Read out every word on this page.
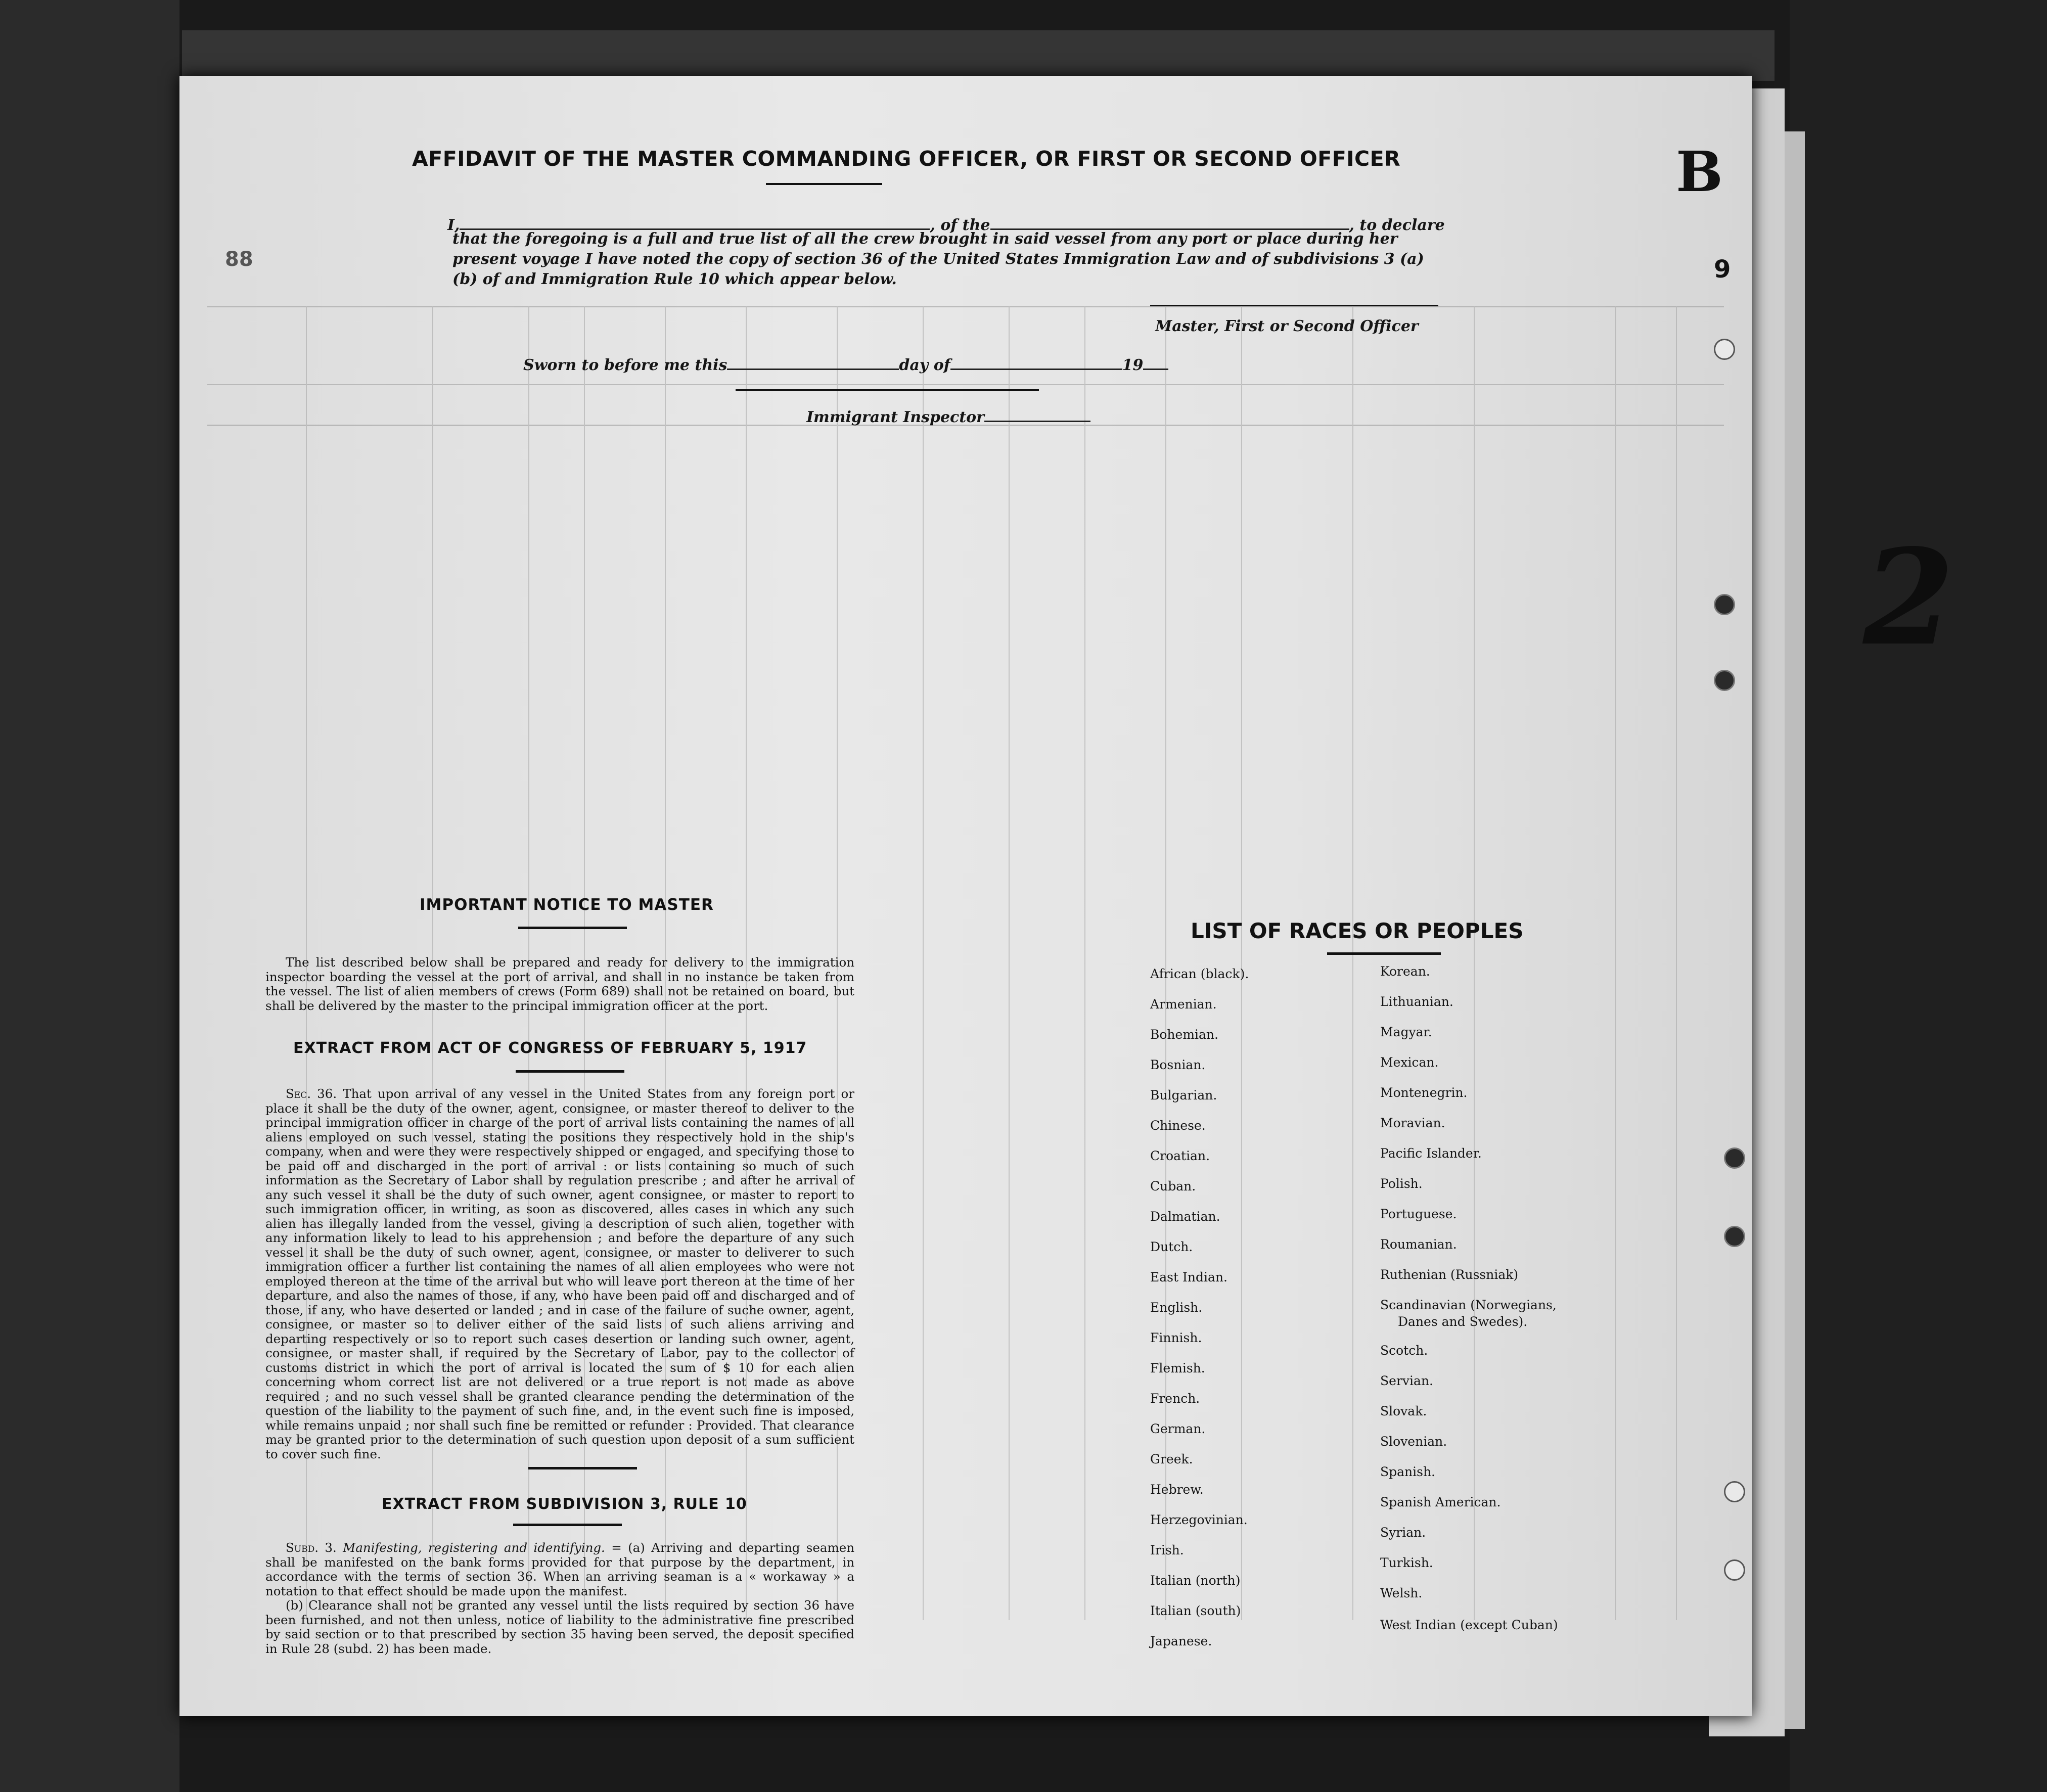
88	9
B
2
AFFIDAVIT OF THE MASTER COMMANDING OFFICER, OR FIRST OR SECOND OFFICER
I,	, of the	, to declare
that the foregoing is a full and true list of all the crew brought in said vessel from any port or place during her
present voyage I have noted the copy of section 36 of the United States Immigration Law and of subdivisions 3 (a)
(b) of and Immigration Rule 10 which appear below.
Master, First or Second Officer
Sworn to before me this	day of	19
Immigrant Inspector
IMPORTANT NOTICE TO MASTER

The list described below shall be prepared and ready for delivery to the immigration inspector boarding the vessel at the port of arrival, and shall in no instance be taken from the vessel. The list of alien members of crews (Form 689) shall not be retained on board, but shall be delivered by the master to the principal immigration officer at the port.

EXTRACT FROM ACT OF CONGRESS OF FEBRUARY 5, 1917

Sec. 36. That upon arrival of any vessel in the United States from any foreign port or place it shall be the duty of the owner, agent, consignee, or master thereof to deliver to the principal immigration officer in charge of the port of arrival lists containing the names of all aliens employed on such vessel, stating the positions they respectively hold in the ship's company, when and were they were respectively shipped or engaged, and specifying those to be paid off and discharged in the port of arrival : or lists containing so much of such information as the Secretary of Labor shall by regulation prescribe ; and after he arrival of any such vessel it shall be the duty of such owner, agent consignee, or master to report to such immigration officer, in writing, as soon as discovered, alles cases in which any such alien has illegally landed from the vessel, giving a description of such alien, together with any information likely to lead to his apprehension ; and before the departure of any such vessel it shall be the duty of such owner, agent, consignee, or master to deliverer to such immigration officer a further list containing the names of all alien employees who were not employed thereon at the time of the arrival but who will leave port thereon at the time of her departure, and also the names of those, if any, who have been paid off and discharged and of those, if any, who have deserted or landed ; and in case of the failure of suche owner, agent, consignee, or master so to deliver either of the said lists of such aliens arriving and departing respectively or so to report such cases desertion or landing such owner, agent, consignee, or master shall, if required by the Secretary of Labor, pay to the collector of customs district in which the port of arrival is located the sum of $ 10 for each alien concerning whom correct list are not delivered or a true report is not made as above required ; and no such vessel shall be granted clearance pending the determination of the question of the liability to the payment of such fine, and, in the event such fine is imposed, while remains unpaid ; nor shall such fine be remitted or refunder : Provided. That clearance may be granted prior to the determination of such question upon deposit of a sum sufficient to cover such fine.

EXTRACT FROM SUBDIVISION 3, RULE 10

Subd. 3. Manifesting, registering and identifying. = (a) Arriving and departing seamen shall be manifested on the bank forms provided for that purpose by the department, in accordance with the terms of section 36. When an arriving seaman is a « workaway » a notation to that effect should be made upon the manifest.

(b) Clearance shall not be granted any vessel until the lists required by section 36 have been furnished, and not then unless, notice of liability to the administrative fine prescribed by said section or to that prescribed by section 35 having been served, the deposit specified in Rule 28 (subd. 2) has been made.

LIST OF RACES OR PEOPLES
African (black).
Armenian.
Bohemian.
Bosnian.
Bulgarian.
Chinese.
Croatian.
Cuban.
Dalmatian.
Dutch.
East Indian.
English.
Finnish.
Flemish.
French.
German.
Greek.
Hebrew.
Herzegovinian.
Irish.
Italian (north)
Italian (south)
Japanese.
Korean.
Lithuanian.
Magyar.
Mexican.
Montenegrin.
Moravian.
Pacific Islander.
Polish.
Portuguese.
Roumanian.
Ruthenian (Russniak)
Scandinavian (Norwegians,
Danes and Swedes).
Scotch.
Servian.
Slovak.
Slovenian.
Spanish.
Spanish American.
Syrian.
Turkish.
Welsh.
West Indian (except Cuban)
